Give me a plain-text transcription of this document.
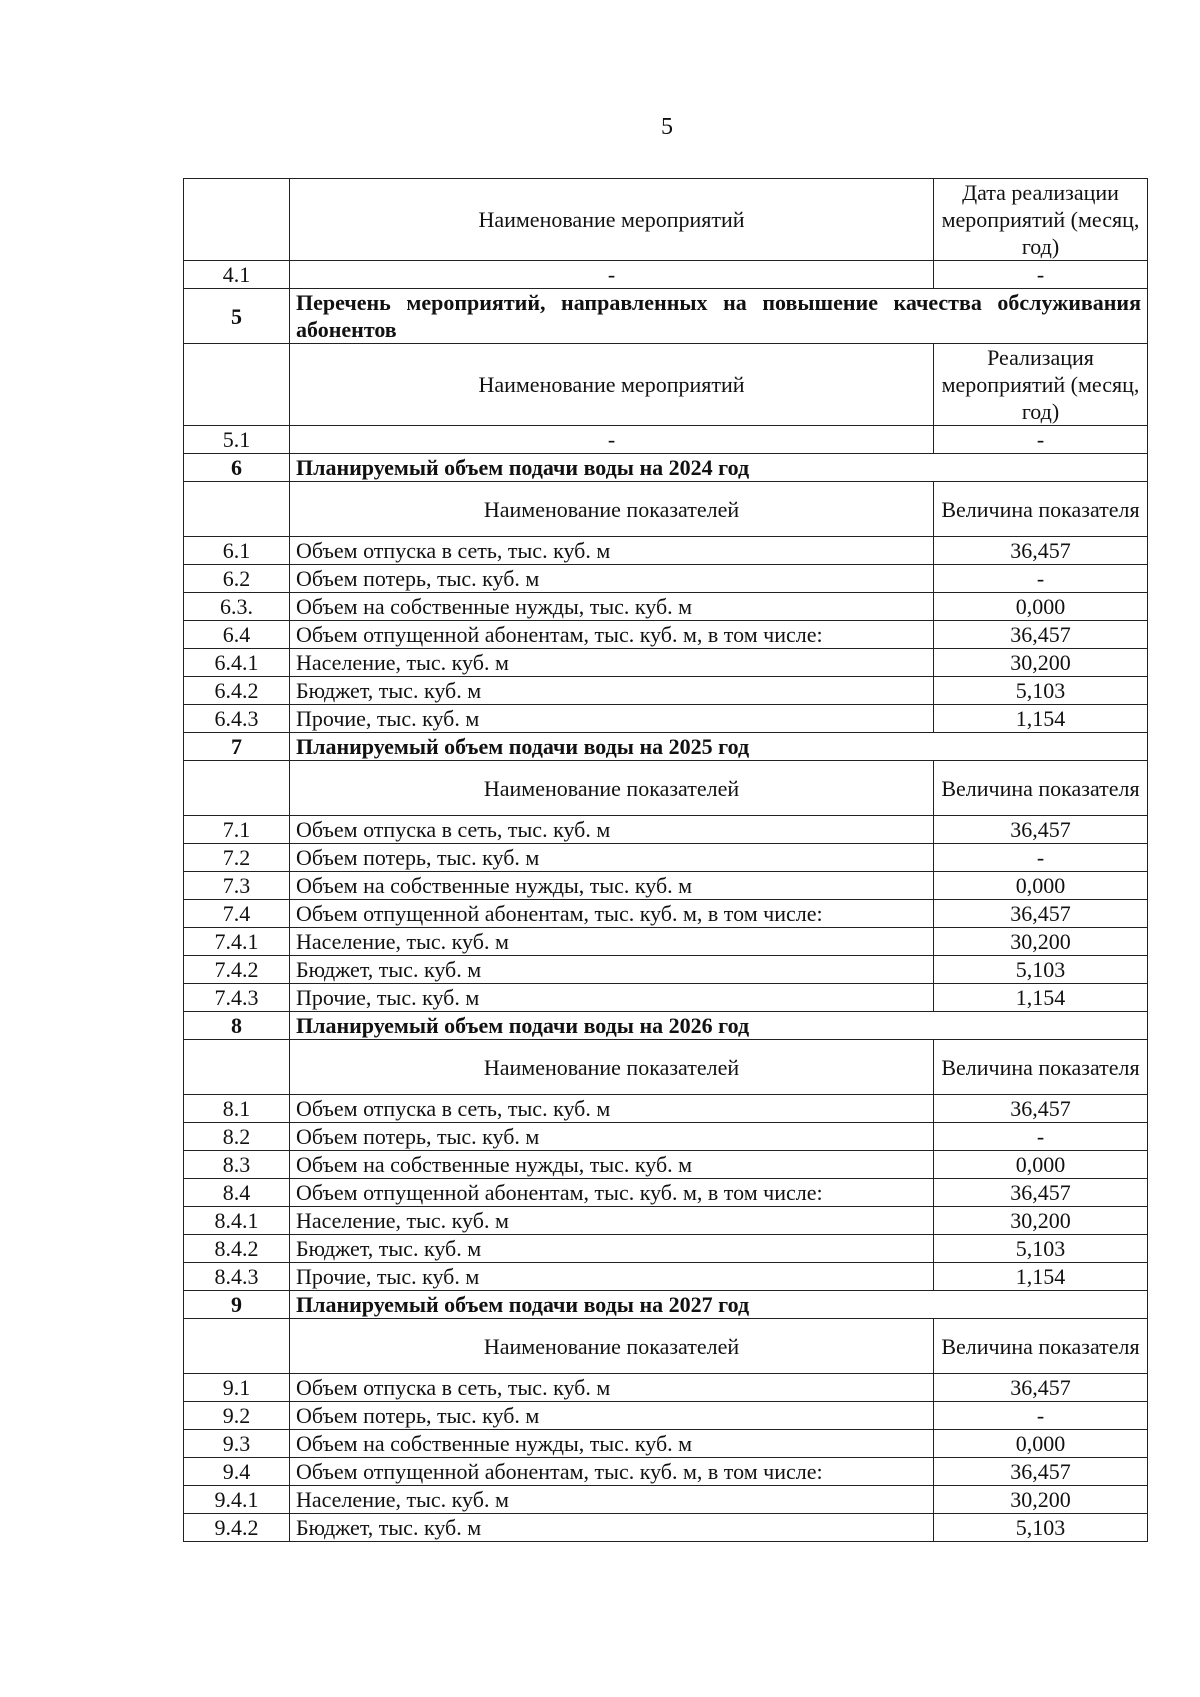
5
	Наименование мероприятий	Дата реализации мероприятий (месяц, год)
4.1	-	-
5	Перечень мероприятий, направленных на повышение качества обслуживания абонентов	
	Наименование мероприятий	Реализация мероприятий (месяц, год)
5.1	-	-
6	Планируемый объем подачи воды на 2024 год	
	Наименование показателей	Величина показателя
6.1	Объем отпуска в сеть, тыс. куб. м	36,457
6.2	Объем потерь, тыс. куб. м	-
6.3.	Объем на собственные нужды, тыс. куб. м	0,000
6.4	Объем отпущенной абонентам, тыс. куб. м, в том числе:	36,457
6.4.1	Население, тыс. куб. м	30,200
6.4.2	Бюджет, тыс. куб. м	5,103
6.4.3	Прочие, тыс. куб. м	1,154
7	Планируемый объем подачи воды на 2025 год	
	Наименование показателей	Величина показателя
7.1	Объем отпуска в сеть, тыс. куб. м	36,457
7.2	Объем потерь, тыс. куб. м	-
7.3	Объем на собственные нужды, тыс. куб. м	0,000
7.4	Объем отпущенной абонентам, тыс. куб. м, в том числе:	36,457
7.4.1	Население, тыс. куб. м	30,200
7.4.2	Бюджет, тыс. куб. м	5,103
7.4.3	Прочие, тыс. куб. м	1,154
8	Планируемый объем подачи воды на 2026 год	
	Наименование показателей	Величина показателя
8.1	Объем отпуска в сеть, тыс. куб. м	36,457
8.2	Объем потерь, тыс. куб. м	-
8.3	Объем на собственные нужды, тыс. куб. м	0,000
8.4	Объем отпущенной абонентам, тыс. куб. м, в том числе:	36,457
8.4.1	Население, тыс. куб. м	30,200
8.4.2	Бюджет, тыс. куб. м	5,103
8.4.3	Прочие, тыс. куб. м	1,154
9	Планируемый объем подачи воды на 2027 год	
	Наименование показателей	Величина показателя
9.1	Объем отпуска в сеть, тыс. куб. м	36,457
9.2	Объем потерь, тыс. куб. м	-
9.3	Объем на собственные нужды, тыс. куб. м	0,000
9.4	Объем отпущенной абонентам, тыс. куб. м, в том числе:	36,457
9.4.1	Население, тыс. куб. м	30,200
9.4.2	Бюджет, тыс. куб. м	5,103
